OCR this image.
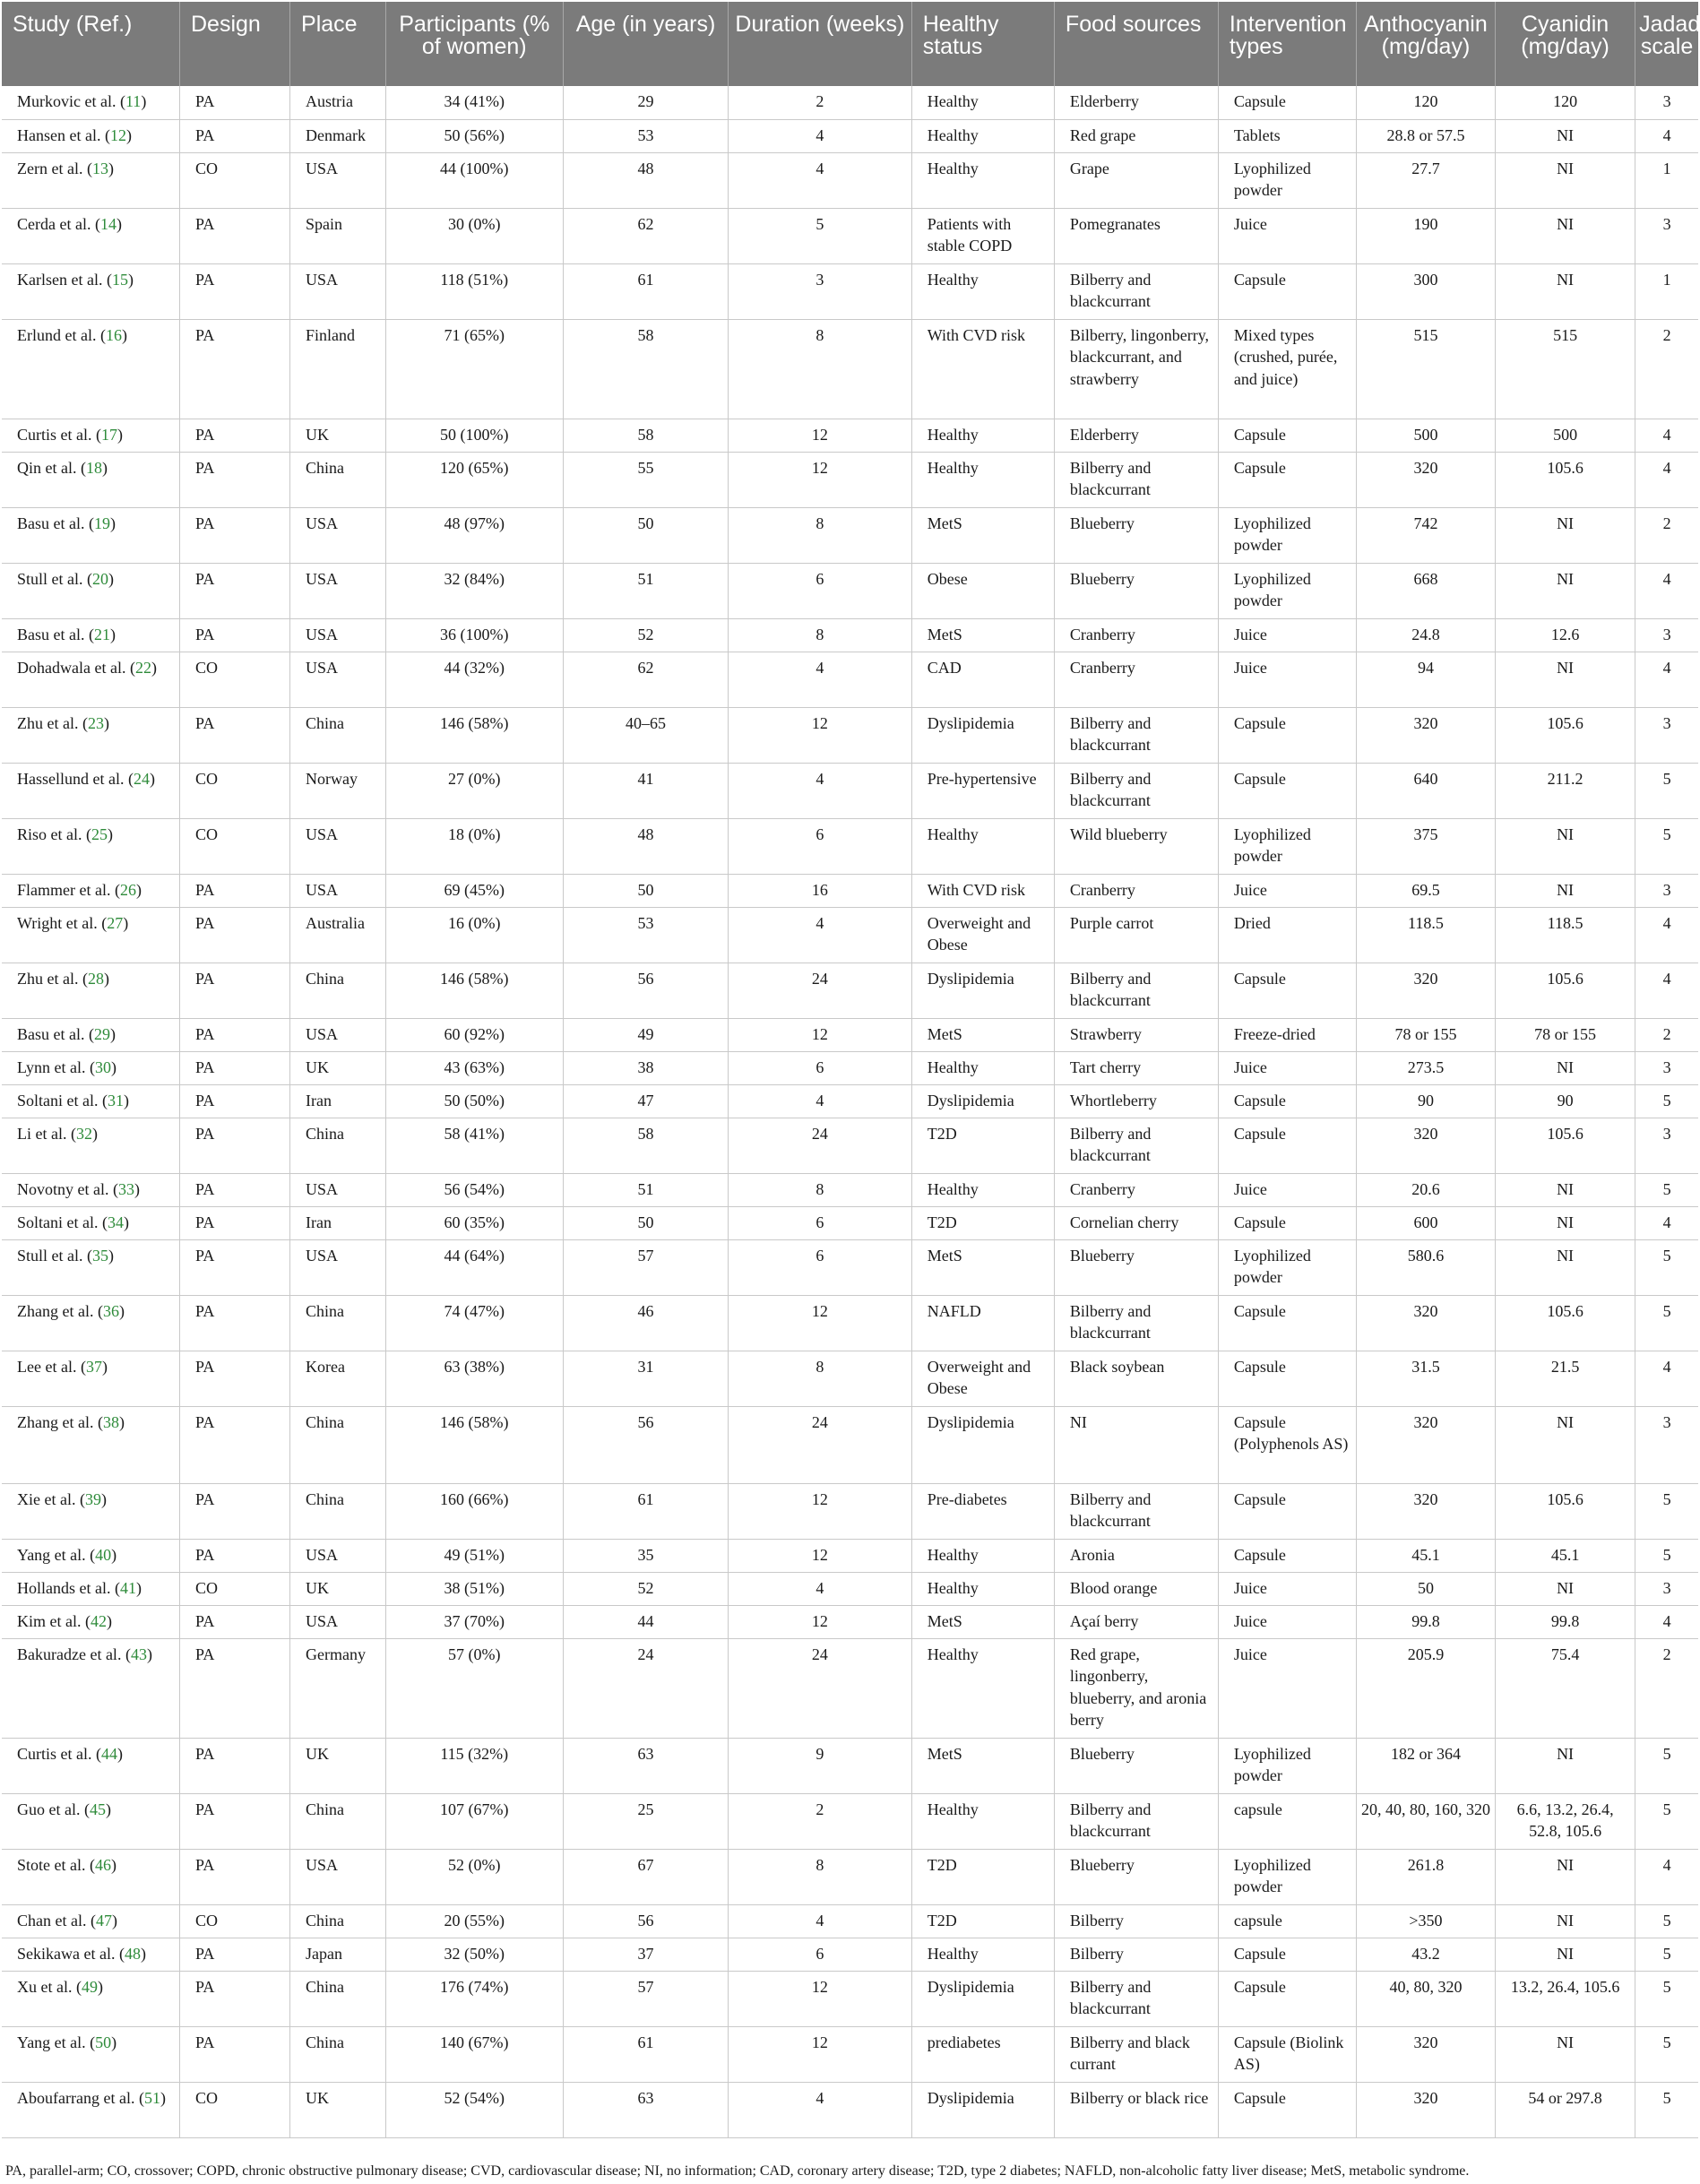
Study (Ref.)	Design	Place	Participants (% of women)	Age (in years)	Duration (weeks)	Healthy status	Food sources	Intervention types	Anthocyanin (mg/day)	Cyanidin (mg/day)	Jadad scale
Murkovic et al. (11)	PA	Austria	34 (41%)	29	2	Healthy	Elderberry	Capsule	120	120	3
Hansen et al. (12)	PA	Denmark	50 (56%)	53	4	Healthy	Red grape	Tablets	28.8 or 57.5	NI	4
Zern et al. (13)	CO	USA	44 (100%)	48	4	Healthy	Grape	Lyophilized powder	27.7	NI	1
Cerda et al. (14)	PA	Spain	30 (0%)	62	5	Patients with stable COPD	Pomegranates	Juice	190	NI	3
Karlsen et al. (15)	PA	USA	118 (51%)	61	3	Healthy	Bilberry and blackcurrant	Capsule	300	NI	1
Erlund et al. (16)	PA	Finland	71 (65%)	58	8	With CVD risk	Bilberry, lingonberry, blackcurrant, and strawberry	Mixed types (crushed, purée, and juice)	515	515	2
Curtis et al. (17)	PA	UK	50 (100%)	58	12	Healthy	Elderberry	Capsule	500	500	4
Qin et al. (18)	PA	China	120 (65%)	55	12	Healthy	Bilberry and blackcurrant	Capsule	320	105.6	4
Basu et al. (19)	PA	USA	48 (97%)	50	8	MetS	Blueberry	Lyophilized powder	742	NI	2
Stull et al. (20)	PA	USA	32 (84%)	51	6	Obese	Blueberry	Lyophilized powder	668	NI	4
Basu et al. (21)	PA	USA	36 (100%)	52	8	MetS	Cranberry	Juice	24.8	12.6	3
Dohadwala et al. (22)	CO	USA	44 (32%)	62	4	CAD	Cranberry	Juice	94	NI	4
Zhu et al. (23)	PA	China	146 (58%)	40–65	12	Dyslipidemia	Bilberry and blackcurrant	Capsule	320	105.6	3
Hassellund et al. (24)	CO	Norway	27 (0%)	41	4	Pre-hypertensive	Bilberry and blackcurrant	Capsule	640	211.2	5
Riso et al. (25)	CO	USA	18 (0%)	48	6	Healthy	Wild blueberry	Lyophilized powder	375	NI	5
Flammer et al. (26)	PA	USA	69 (45%)	50	16	With CVD risk	Cranberry	Juice	69.5	NI	3
Wright et al. (27)	PA	Australia	16 (0%)	53	4	Overweight and Obese	Purple carrot	Dried	118.5	118.5	4
Zhu et al. (28)	PA	China	146 (58%)	56	24	Dyslipidemia	Bilberry and blackcurrant	Capsule	320	105.6	4
Basu et al. (29)	PA	USA	60 (92%)	49	12	MetS	Strawberry	Freeze-dried	78 or 155	78 or 155	2
Lynn et al. (30)	PA	UK	43 (63%)	38	6	Healthy	Tart cherry	Juice	273.5	NI	3
Soltani et al. (31)	PA	Iran	50 (50%)	47	4	Dyslipidemia	Whortleberry	Capsule	90	90	5
Li et al. (32)	PA	China	58 (41%)	58	24	T2D	Bilberry and blackcurrant	Capsule	320	105.6	3
Novotny et al. (33)	PA	USA	56 (54%)	51	8	Healthy	Cranberry	Juice	20.6	NI	5
Soltani et al. (34)	PA	Iran	60 (35%)	50	6	T2D	Cornelian cherry	Capsule	600	NI	4
Stull et al. (35)	PA	USA	44 (64%)	57	6	MetS	Blueberry	Lyophilized powder	580.6	NI	5
Zhang et al. (36)	PA	China	74 (47%)	46	12	NAFLD	Bilberry and blackcurrant	Capsule	320	105.6	5
Lee et al. (37)	PA	Korea	63 (38%)	31	8	Overweight and Obese	Black soybean	Capsule	31.5	21.5	4
Zhang et al. (38)	PA	China	146 (58%)	56	24	Dyslipidemia	NI	Capsule (Polyphenols AS)	320	NI	3
Xie et al. (39)	PA	China	160 (66%)	61	12	Pre-diabetes	Bilberry and blackcurrant	Capsule	320	105.6	5
Yang et al. (40)	PA	USA	49 (51%)	35	12	Healthy	Aronia	Capsule	45.1	45.1	5
Hollands et al. (41)	CO	UK	38 (51%)	52	4	Healthy	Blood orange	Juice	50	NI	3
Kim et al. (42)	PA	USA	37 (70%)	44	12	MetS	Açaí berry	Juice	99.8	99.8	4
Bakuradze et al. (43)	PA	Germany	57 (0%)	24	24	Healthy	Red grape, lingonberry, blueberry, and aronia berry	Juice	205.9	75.4	2
Curtis et al. (44)	PA	UK	115 (32%)	63	9	MetS	Blueberry	Lyophilized powder	182 or 364	NI	5
Guo et al. (45)	PA	China	107 (67%)	25	2	Healthy	Bilberry and blackcurrant	capsule	20, 40, 80, 160, 320	6.6, 13.2, 26.4, 52.8, 105.6	5
Stote et al. (46)	PA	USA	52 (0%)	67	8	T2D	Blueberry	Lyophilized powder	261.8	NI	4
Chan et al. (47)	CO	China	20 (55%)	56	4	T2D	Bilberry	capsule	>350	NI	5
Sekikawa et al. (48)	PA	Japan	32 (50%)	37	6	Healthy	Bilberry	Capsule	43.2	NI	5
Xu et al. (49)	PA	China	176 (74%)	57	12	Dyslipidemia	Bilberry and blackcurrant	Capsule	40, 80, 320	13.2, 26.4, 105.6	5
Yang et al. (50)	PA	China	140 (67%)	61	12	prediabetes	Bilberry and black currant	Capsule (Biolink AS)	320	NI	5
Aboufarrang et al. (51)	CO	UK	52 (54%)	63	4	Dyslipidemia	Bilberry or black rice	Capsule	320	54 or 297.8	5
PA, parallel-arm; CO, crossover; COPD, chronic obstructive pulmonary disease; CVD, cardiovascular disease; NI, no information; CAD, coronary artery disease; T2D, type 2 diabetes; NAFLD, non-alcoholic fatty liver disease; MetS, metabolic syndrome.
